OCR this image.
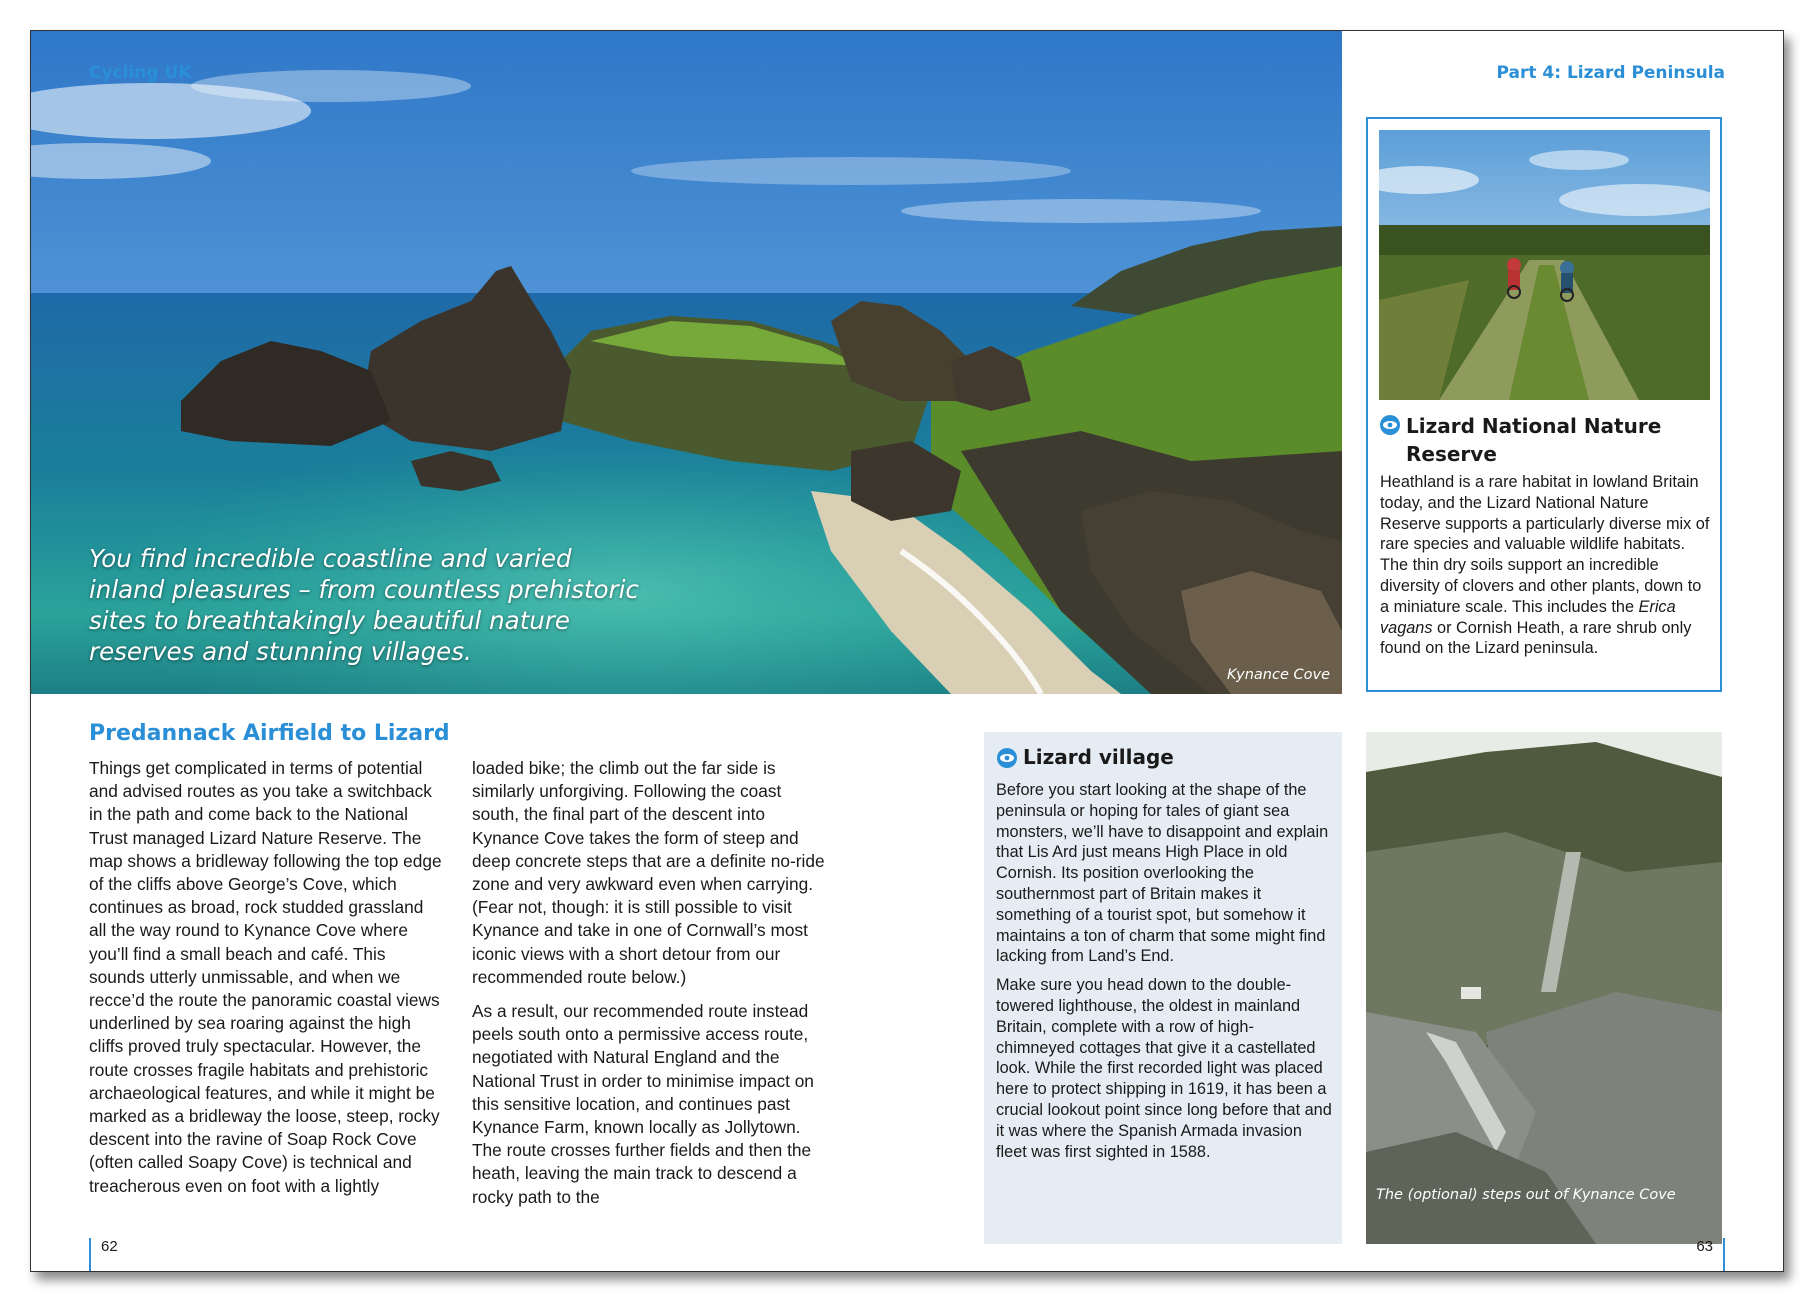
Cycling UK
You find incredible coastline and varied inland pleasures – from countless prehistoric sites to breathtakingly beautiful nature reserves and stunning villages.
Kynance Cove
Part 4: Lizard Peninsula
Lizard National Nature Reserve
Heathland is a rare habitat in lowland Britain today, and the Lizard National Nature Reserve supports a particularly diverse mix of rare species and valuable wildlife habitats. The thin dry soils support an incredible diversity of clovers and other plants, down to a miniature scale. This includes the Erica vagans or Cornish Heath, a rare shrub only found on the Lizard peninsula.
Predannack Airfield to Lizard

Things get complicated in terms of potential and advised routes as you take a switchback in the path and come back to the National Trust managed Lizard Nature Reserve. The map shows a bridleway following the top edge of the cliffs above George’s Cove, which continues as broad, rock studded grassland all the way round to Kynance Cove where you’ll find a small beach and café. This sounds utterly unmissable, and when we recce’d the route the panoramic coastal views underlined by sea roaring against the high cliffs proved truly spectacular. However, the route crosses fragile habitats and prehistoric archaeological features, and while it might be marked as a bridleway the loose, steep, rocky descent into the ravine of Soap Rock Cove (often called Soapy Cove) is technical and treacherous even on foot with a lightly

loaded bike; the climb out the far side is similarly unforgiving. Following the coast south, the final part of the descent into Kynance Cove takes the form of steep and deep concrete steps that are a definite no-ride zone and very awkward even when carrying. (Fear not, though: it is still possible to visit Kynance and take in one of Cornwall’s most iconic views with a short detour from our recommended route below.)

As a result, our recommended route instead peels south onto a permissive access route, negotiated with Natural England and the National Trust in order to minimise impact on this sensitive location, and continues past Kynance Farm, known locally as Jollytown. The route crosses further fields and then the heath, leaving the main track to descend a rocky path to the

Lizard village

Before you start looking at the shape of the peninsula or hoping for tales of giant sea monsters, we’ll have to disappoint and explain that Lis Ard just means High Place in old Cornish. Its position overlooking the southernmost part of Britain makes it something of a tourist spot, but somehow it maintains a ton of charm that some might find lacking from Land’s End.

Make sure you head down to the double-towered lighthouse, the oldest in mainland Britain, complete with a row of high-chimneyed cottages that give it a castellated look. While the first recorded light was placed here to protect shipping in 1619, it has been a crucial lookout point since long before that and it was where the Spanish Armada invasion fleet was first sighted in 1588.

The (optional) steps out of Kynance Cove
62	63
